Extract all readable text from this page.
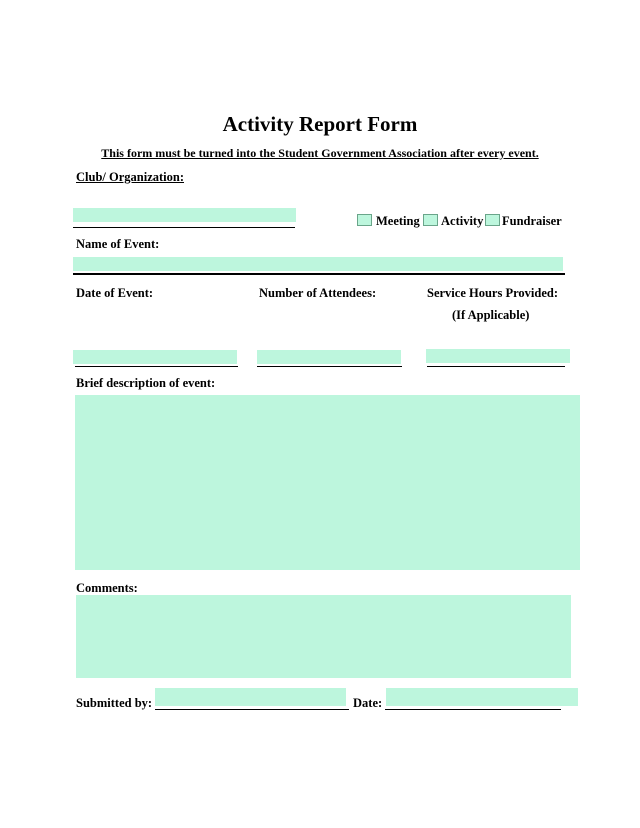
Activity Report Form
This form must be turned into the Student Government Association after every event.
Club/ Organization:
Meeting Activity Fundraiser
Name of Event:
Date of Event:	Number of Attendees:	Service Hours Provided:
(If Applicable)
Brief description of event:
Comments:
Submitted by:	Date:
